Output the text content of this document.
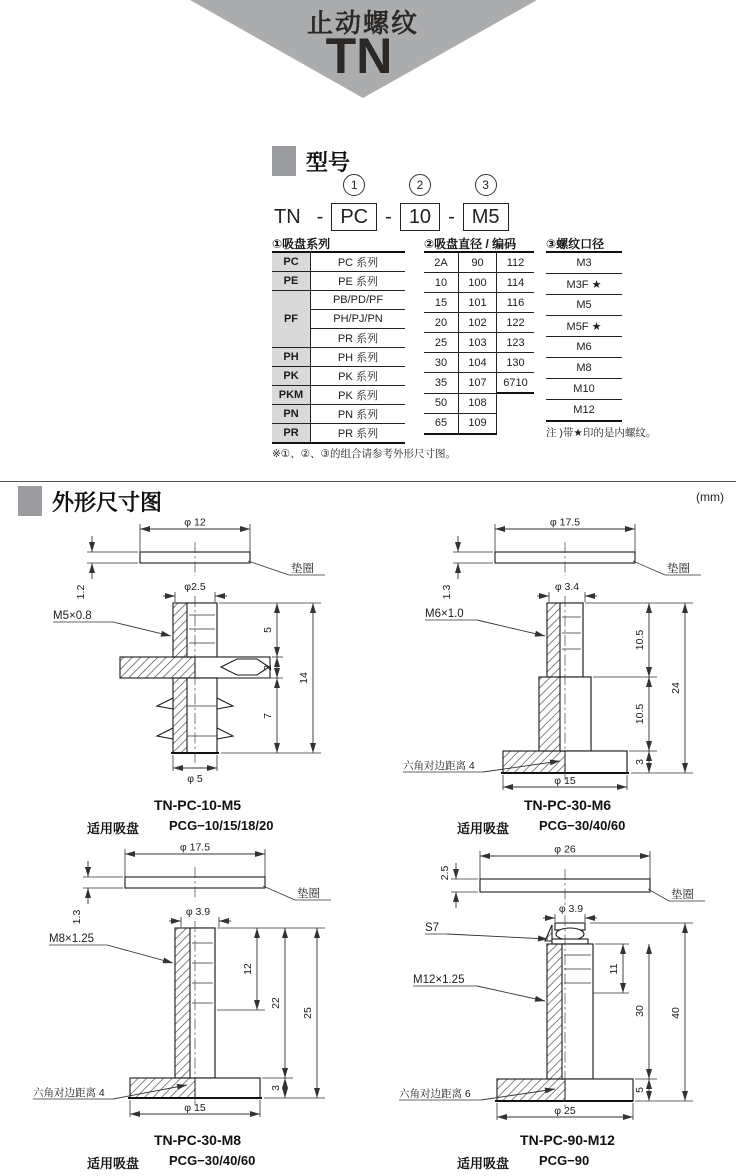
止动螺纹
TN
型号
TN -
1
PC -
2
10 -
3
M5
①吸盘系列
PC	PC 系列
PE	PE 系列
PF	PB/PD/PF
	PH/PJ/PN
	PR 系列
PH	PH 系列
PK	PK 系列
PKM	PK 系列
PN	PN 系列
PR	PR 系列
②吸盘直径 / 编码
2A	90	112
10	100	114
15	101	116
20	102	122
25	103	123
30	104	130
35	107	6710
50	108	
65	109	
③螺纹口径
M3
M3F ★
M5
M5F ★
M6
M8
M10
M12
注 )带★印的是内螺纹。
※①、②、③的组合请参考外形尺寸图。
外形尺寸图	(mm)
φ 12
1.2
垫圈
φ2.5
M5×0.8
5
2
7
14
φ 5
TN-PC-10-M5
适用吸盘 PCG−10/15/18/20
φ 17.5
1.3
垫圈
φ 3.4
M6×1.0
六角对边距离 4
10.5
10.5
3
24
φ 15
TN-PC-30-M6
适用吸盘 PCG−30/40/60
φ 17.5
1.3
垫圈
φ 3.9
M8×1.25
六角对边距离 4
12
22
3
25
φ 15
TN-PC-30-M8
适用吸盘 PCG−30/40/60
φ 26
2.5
垫圈
φ 3.9
S7
M12×1.25
六角对边距离 6
11
30
5
40
φ 25
TN-PC-90-M12
适用吸盘 PCG−90
